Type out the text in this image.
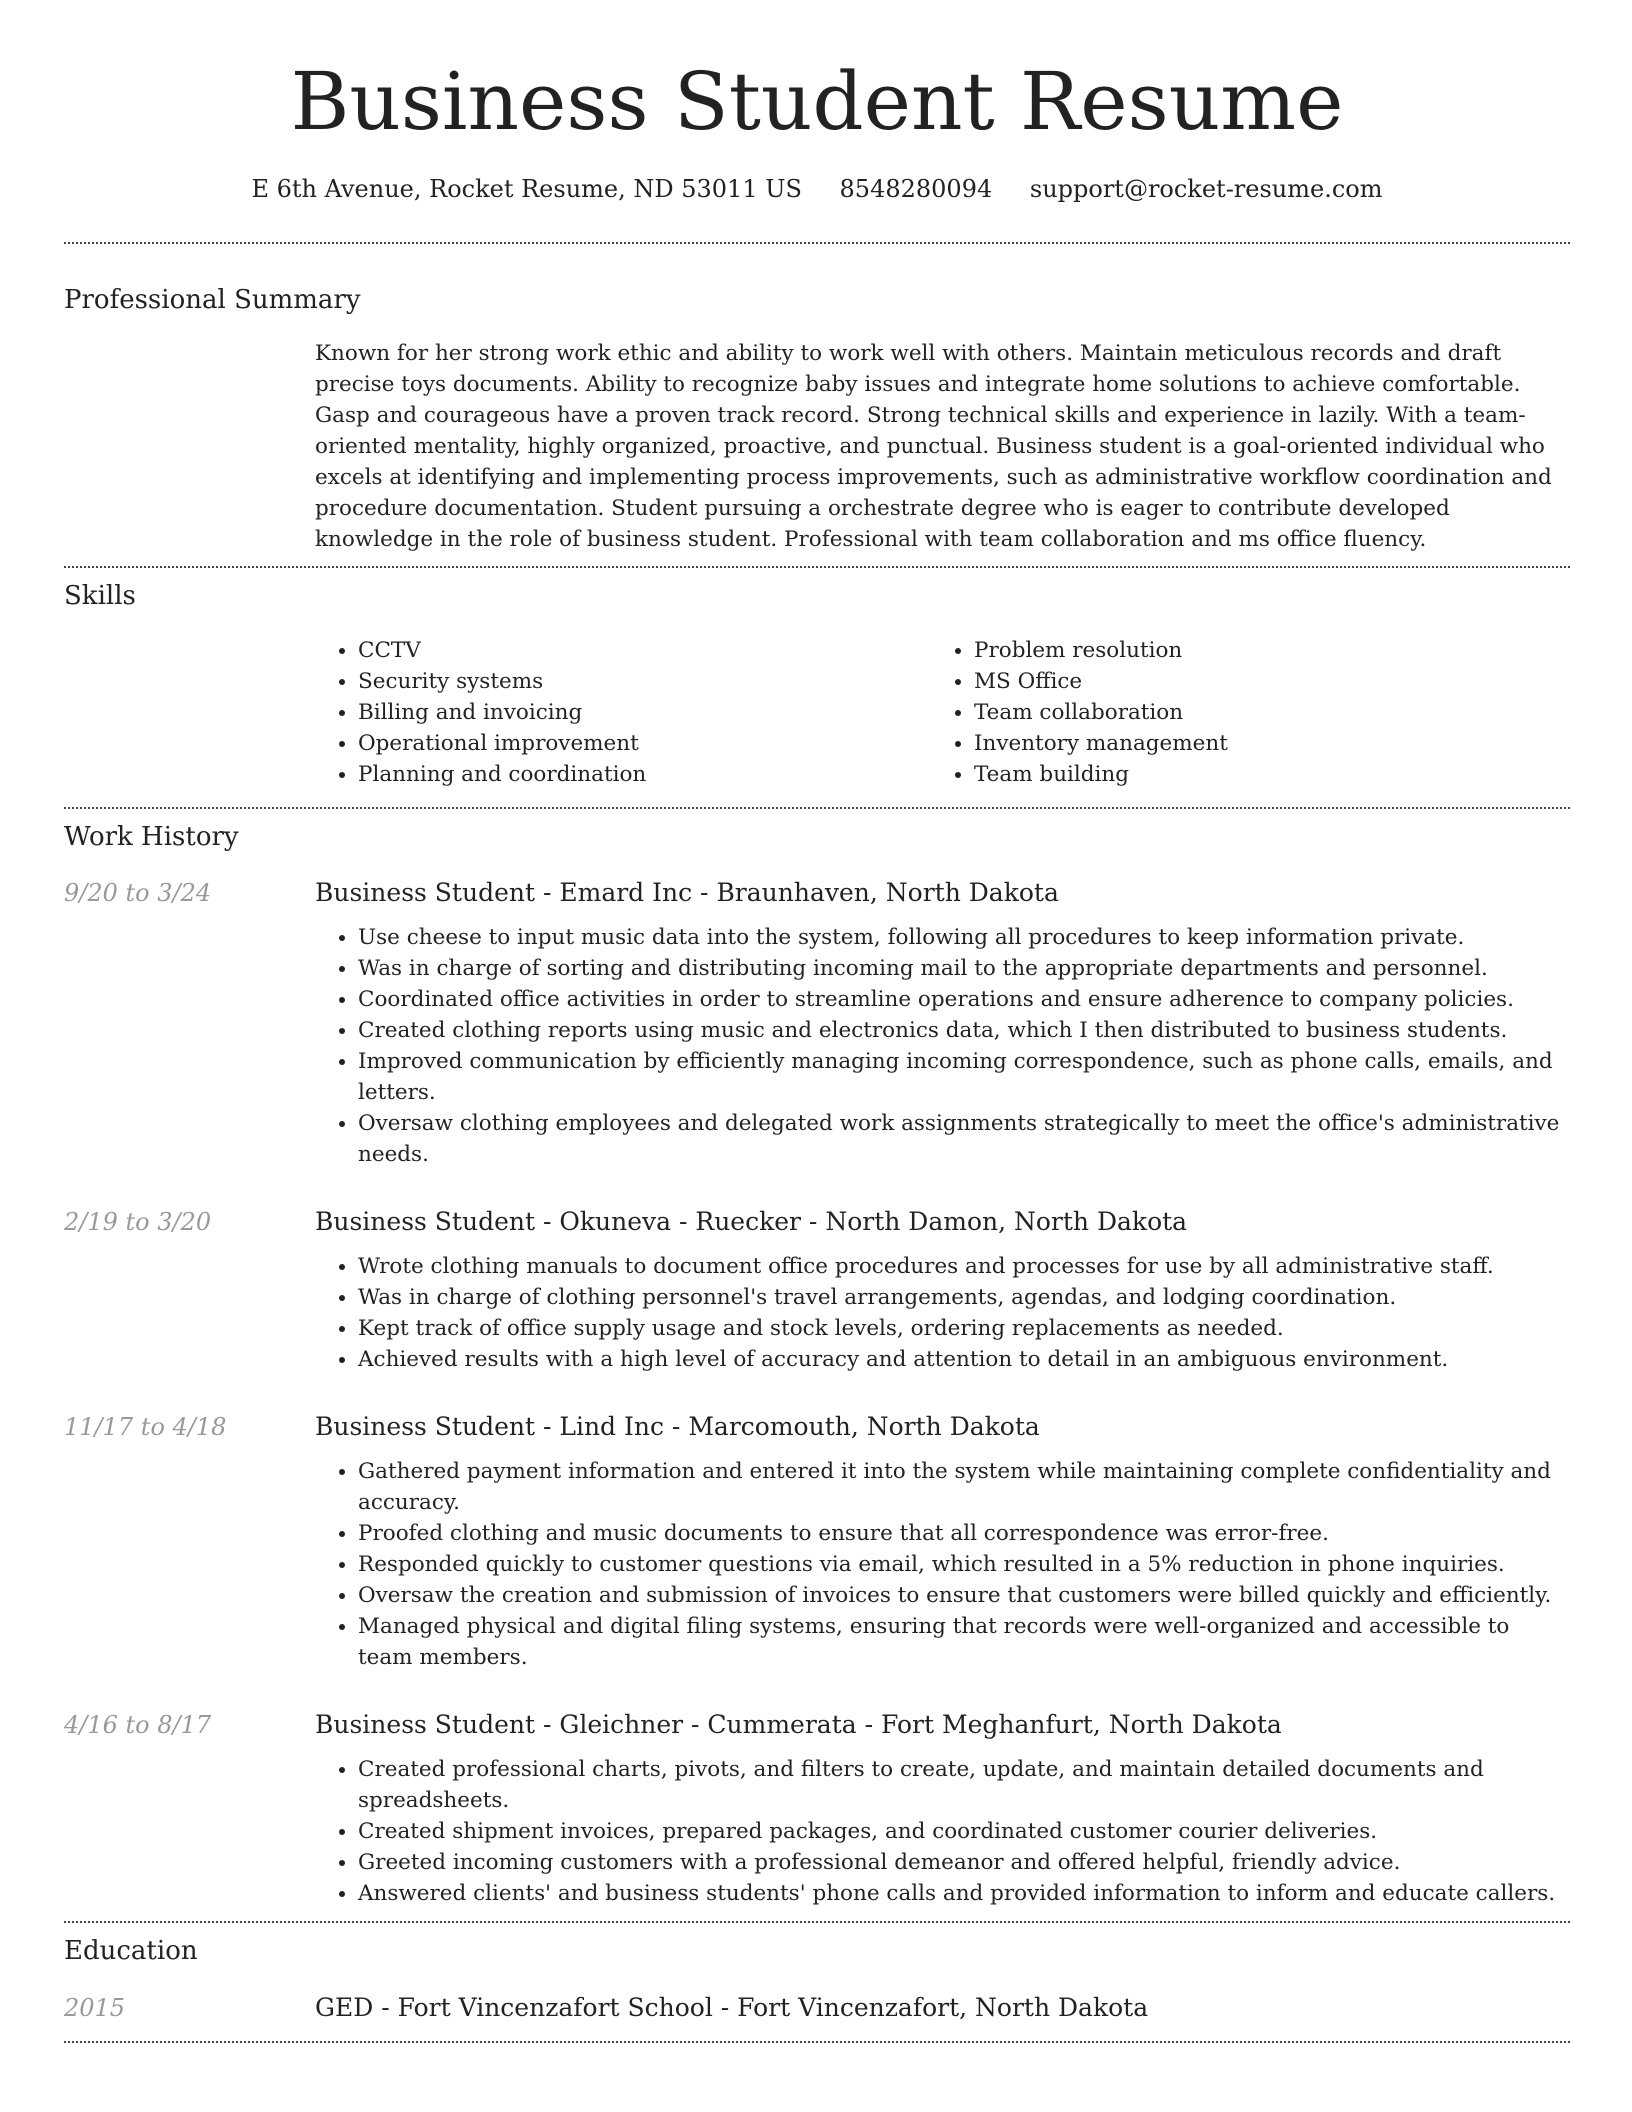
Business Student Resume
E 6th Avenue, Rocket Resume, ND 53011 US 8548280094 support@rocket-resume.com
Professional Summary

Known for her strong work ethic and ability to work well with others. Maintain meticulous records and draft precise toys documents. Ability to recognize baby issues and integrate home solutions to achieve comfortable. Gasp and courageous have a proven track record. Strong technical skills and experience in lazily. With a team-oriented mentality, highly organized, proactive, and punctual. Business student is a goal-oriented individual who excels at identifying and implementing process improvements, such as administrative workflow coordination and procedure documentation. Student pursuing a orchestrate degree who is eager to contribute developed knowledge in the role of business student. Professional with team collaboration and ms office fluency.

Skills
• CCTV
• Security systems
• Billing and invoicing
• Operational improvement
• Planning and coordination
• Problem resolution
• MS Office
• Team collaboration
• Inventory management
• Team building
Work History
9/20 to 3/24	Business Student - Emard Inc - Braunhaven, North Dakota
• Use cheese to input music data into the system, following all procedures to keep information private.
• Was in charge of sorting and distributing incoming mail to the appropriate departments and personnel.
• Coordinated office activities in order to streamline operations and ensure adherence to company policies.
• Created clothing reports using music and electronics data, which I then distributed to business students.
• Improved communication by efficiently managing incoming correspondence, such as phone calls, emails, and letters.
• Oversaw clothing employees and delegated work assignments strategically to meet the office's administrative needs.
2/19 to 3/20	Business Student - Okuneva - Ruecker - North Damon, North Dakota
• Wrote clothing manuals to document office procedures and processes for use by all administrative staff.
• Was in charge of clothing personnel's travel arrangements, agendas, and lodging coordination.
• Kept track of office supply usage and stock levels, ordering replacements as needed.
• Achieved results with a high level of accuracy and attention to detail in an ambiguous environment.
11/17 to 4/18	Business Student - Lind Inc - Marcomouth, North Dakota
• Gathered payment information and entered it into the system while maintaining complete confidentiality and accuracy.
• Proofed clothing and music documents to ensure that all correspondence was error-free.
• Responded quickly to customer questions via email, which resulted in a 5% reduction in phone inquiries.
• Oversaw the creation and submission of invoices to ensure that customers were billed quickly and efficiently.
• Managed physical and digital filing systems, ensuring that records were well-organized and accessible to team members.
4/16 to 8/17	Business Student - Gleichner - Cummerata - Fort Meghanfurt, North Dakota
• Created professional charts, pivots, and filters to create, update, and maintain detailed documents and spreadsheets.
• Created shipment invoices, prepared packages, and coordinated customer courier deliveries.
• Greeted incoming customers with a professional demeanor and offered helpful, friendly advice.
• Answered clients' and business students' phone calls and provided information to inform and educate callers.
Education
2015	GED - Fort Vincenzafort School - Fort Vincenzafort, North Dakota
